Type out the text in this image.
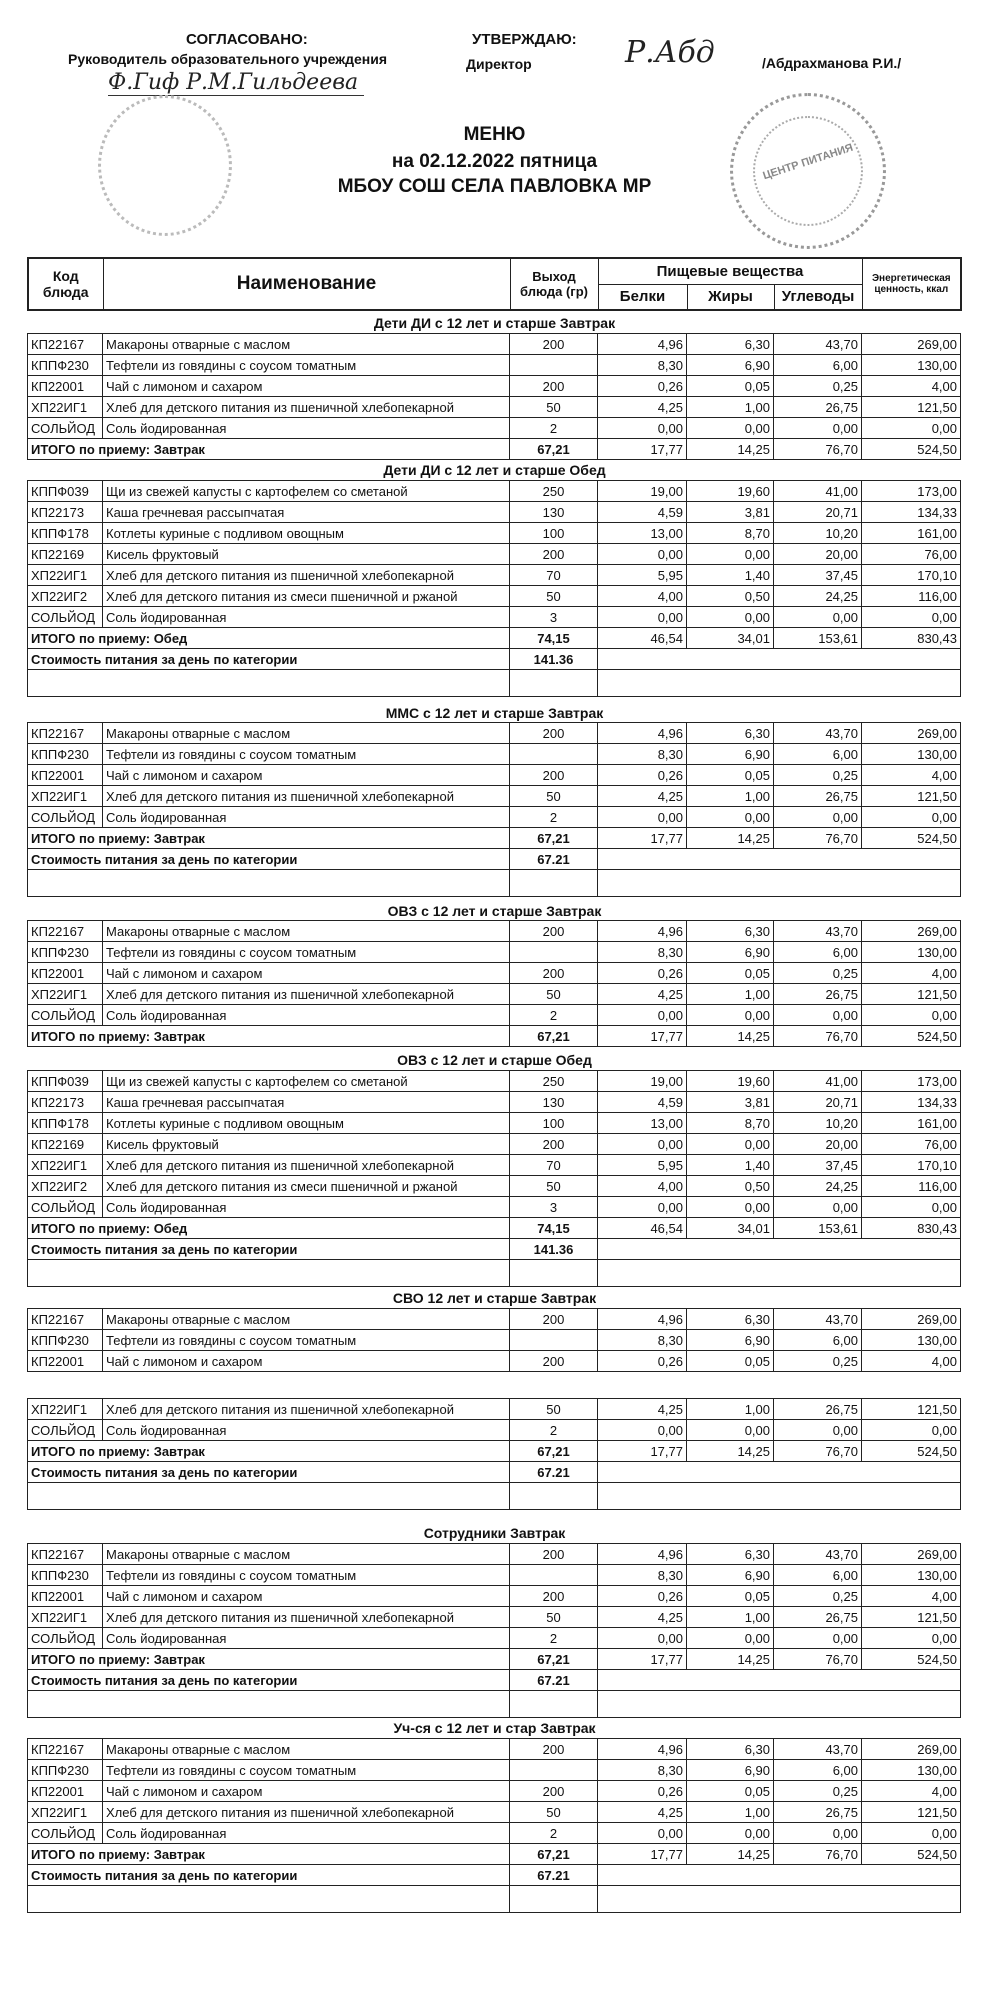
СОГЛАСОВАНО:
Руководитель образовательного учреждения
Ф.Гиф Р.М.Гильдеева
УТВЕРЖДАЮ:
Директор	Р.Абд	/Абдрахманова Р.И./
ЦЕНТР ПИТАНИЯ
МЕНЮ
на 02.12.2022 пятница
МБОУ СОШ СЕЛА ПАВЛОВКА МР
Код блюда	Наименование	Выход блюда (гр)	Пищевые вещества			Энергетическая ценность, ккал
			Белки	Жиры	Углеводы	
Дети ДИ с 12 лет и старше Завтрак
КП22167	Макароны отварные с маслом	200	4,96	6,30	43,70	269,00
КППФ230	Тефтели из говядины с соусом томатным		8,30	6,90	6,00	130,00
КП22001	Чай с лимоном и сахаром	200	0,26	0,05	0,25	4,00
ХП22ИГ1	Хлеб для детского питания из пшеничной хлебопекарной	50	4,25	1,00	26,75	121,50
СОЛЬЙОД	Соль йодированная	2	0,00	0,00	0,00	0,00
ИТОГО по приему: Завтрак		67,21	17,77	14,25	76,70	524,50
Дети ДИ с 12 лет и старше Обед
КППФ039	Щи из свежей капусты с картофелем со сметаной	250	19,00	19,60	41,00	173,00
КП22173	Каша гречневая рассыпчатая	130	4,59	3,81	20,71	134,33
КППФ178	Котлеты куриные с подливом овощным	100	13,00	8,70	10,20	161,00
КП22169	Кисель фруктовый	200	0,00	0,00	20,00	76,00
ХП22ИГ1	Хлеб для детского питания из пшеничной хлебопекарной	70	5,95	1,40	37,45	170,10
ХП22ИГ2	Хлеб для детского питания из смеси пшеничной и ржаной	50	4,00	0,50	24,25	116,00
СОЛЬЙОД	Соль йодированная	3	0,00	0,00	0,00	0,00
ИТОГО по приему: Обед		74,15	46,54	34,01	153,61	830,43
Стоимость питания за день по категории		141.36				

ММС с 12 лет и старше Завтрак
КП22167	Макароны отварные с маслом	200	4,96	6,30	43,70	269,00
КППФ230	Тефтели из говядины с соусом томатным		8,30	6,90	6,00	130,00
КП22001	Чай с лимоном и сахаром	200	0,26	0,05	0,25	4,00
ХП22ИГ1	Хлеб для детского питания из пшеничной хлебопекарной	50	4,25	1,00	26,75	121,50
СОЛЬЙОД	Соль йодированная	2	0,00	0,00	0,00	0,00
ИТОГО по приему: Завтрак		67,21	17,77	14,25	76,70	524,50
Стоимость питания за день по категории		67.21				

ОВЗ с 12 лет и старше Завтрак
КП22167	Макароны отварные с маслом	200	4,96	6,30	43,70	269,00
КППФ230	Тефтели из говядины с соусом томатным		8,30	6,90	6,00	130,00
КП22001	Чай с лимоном и сахаром	200	0,26	0,05	0,25	4,00
ХП22ИГ1	Хлеб для детского питания из пшеничной хлебопекарной	50	4,25	1,00	26,75	121,50
СОЛЬЙОД	Соль йодированная	2	0,00	0,00	0,00	0,00
ИТОГО по приему: Завтрак		67,21	17,77	14,25	76,70	524,50
ОВЗ с 12 лет и старше Обед
КППФ039	Щи из свежей капусты с картофелем со сметаной	250	19,00	19,60	41,00	173,00
КП22173	Каша гречневая рассыпчатая	130	4,59	3,81	20,71	134,33
КППФ178	Котлеты куриные с подливом овощным	100	13,00	8,70	10,20	161,00
КП22169	Кисель фруктовый	200	0,00	0,00	20,00	76,00
ХП22ИГ1	Хлеб для детского питания из пшеничной хлебопекарной	70	5,95	1,40	37,45	170,10
ХП22ИГ2	Хлеб для детского питания из смеси пшеничной и ржаной	50	4,00	0,50	24,25	116,00
СОЛЬЙОД	Соль йодированная	3	0,00	0,00	0,00	0,00
ИТОГО по приему: Обед		74,15	46,54	34,01	153,61	830,43
Стоимость питания за день по категории		141.36				

СВО 12 лет и старше Завтрак
КП22167	Макароны отварные с маслом	200	4,96	6,30	43,70	269,00
КППФ230	Тефтели из говядины с соусом томатным		8,30	6,90	6,00	130,00
КП22001	Чай с лимоном и сахаром	200	0,26	0,05	0,25	4,00
ХП22ИГ1	Хлеб для детского питания из пшеничной хлебопекарной	50	4,25	1,00	26,75	121,50
СОЛЬЙОД	Соль йодированная	2	0,00	0,00	0,00	0,00
ИТОГО по приему: Завтрак		67,21	17,77	14,25	76,70	524,50
Стоимость питания за день по категории		67.21				

Сотрудники Завтрак
КП22167	Макароны отварные с маслом	200	4,96	6,30	43,70	269,00
КППФ230	Тефтели из говядины с соусом томатным		8,30	6,90	6,00	130,00
КП22001	Чай с лимоном и сахаром	200	0,26	0,05	0,25	4,00
ХП22ИГ1	Хлеб для детского питания из пшеничной хлебопекарной	50	4,25	1,00	26,75	121,50
СОЛЬЙОД	Соль йодированная	2	0,00	0,00	0,00	0,00
ИТОГО по приему: Завтрак		67,21	17,77	14,25	76,70	524,50
Стоимость питания за день по категории		67.21				

Уч-ся с 12 лет и стар Завтрак
КП22167	Макароны отварные с маслом	200	4,96	6,30	43,70	269,00
КППФ230	Тефтели из говядины с соусом томатным		8,30	6,90	6,00	130,00
КП22001	Чай с лимоном и сахаром	200	0,26	0,05	0,25	4,00
ХП22ИГ1	Хлеб для детского питания из пшеничной хлебопекарной	50	4,25	1,00	26,75	121,50
СОЛЬЙОД	Соль йодированная	2	0,00	0,00	0,00	0,00
ИТОГО по приему: Завтрак		67,21	17,77	14,25	76,70	524,50
Стоимость питания за день по категории		67.21				
